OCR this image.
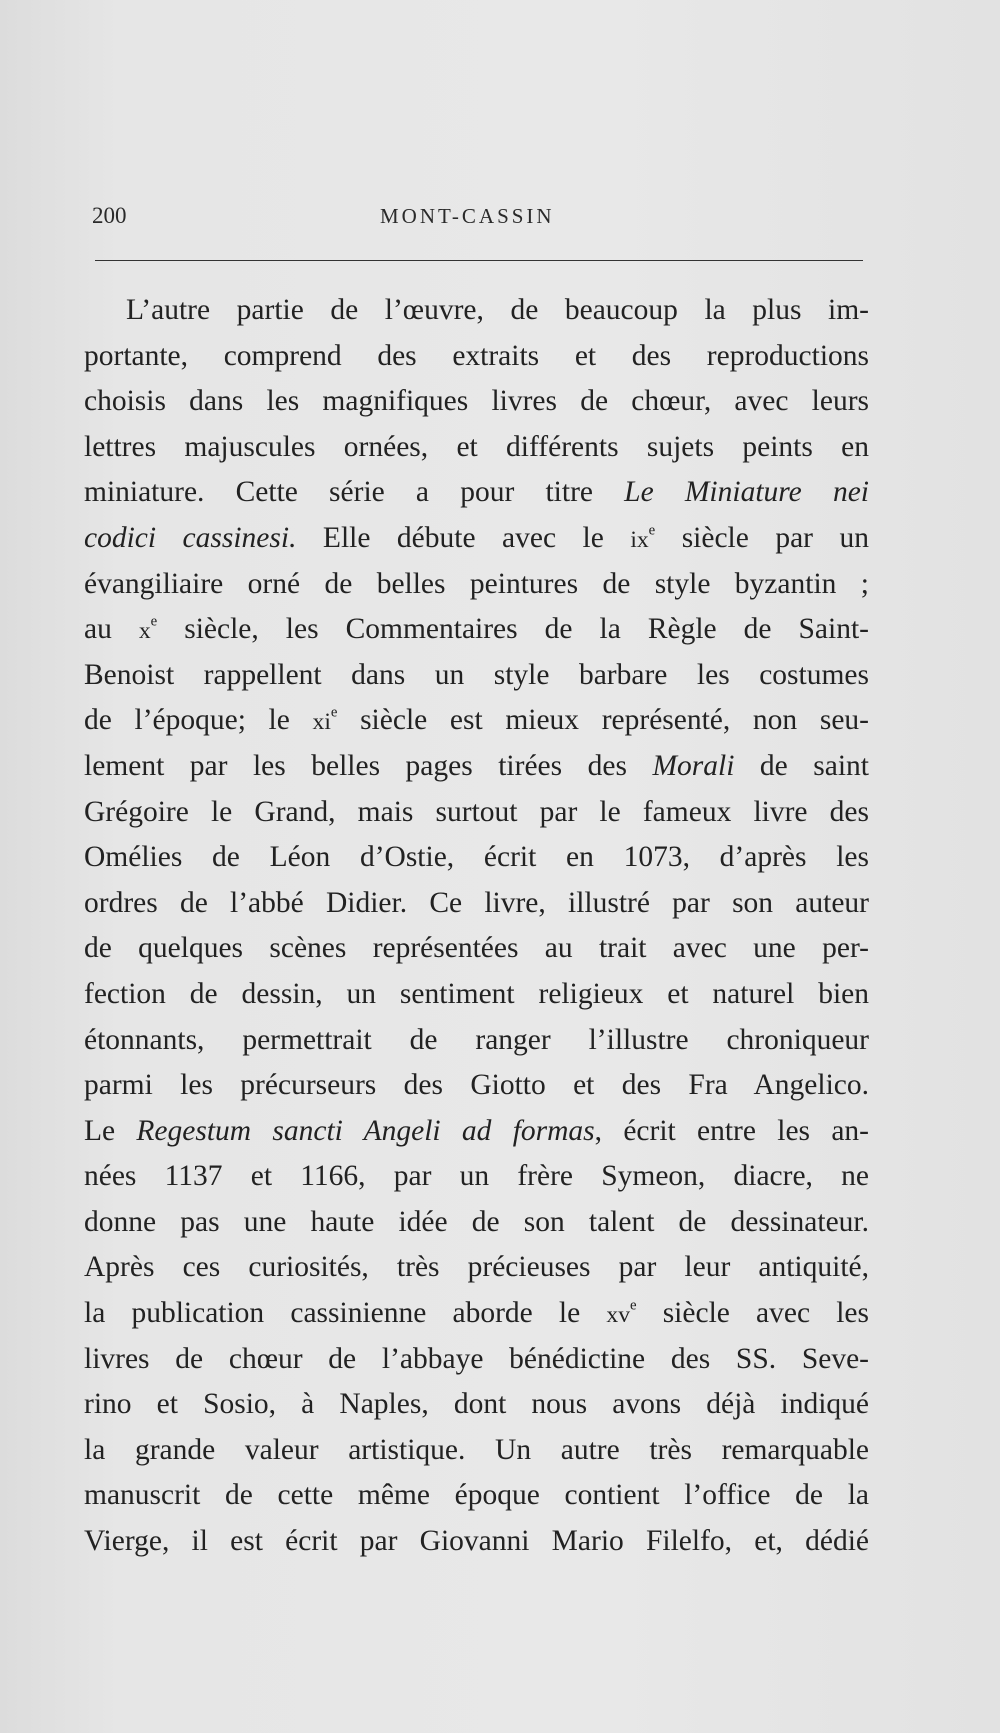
200	MONT-CASSIN
L’autre partie de l’œuvre, de beaucoup la plus im-
portante, comprend des extraits et des reproductions
choisis dans les magnifiques livres de chœur, avec leurs
lettres majuscules ornées, et différents sujets peints en
miniature. Cette série a pour titre Le Miniature nei
codici cassinesi. Elle débute avec le $ix^e$ siècle par un
évangiliaire orné de belles peintures de style byzantin ;
au $x^e$ siècle, les Commentaires de la Règle de Saint-
Benoist rappellent dans un style barbare les costumes
de l’époque; le $xi^e$ siècle est mieux représenté, non seu-
lement par les belles pages tirées des Morali de saint
Grégoire le Grand, mais surtout par le fameux livre des
Omélies de Léon d’Ostie, écrit en 1073, d’après les
ordres de l’abbé Didier. Ce livre, illustré par son auteur
de quelques scènes représentées au trait avec une per-
fection de dessin, un sentiment religieux et naturel bien
étonnants, permettrait de ranger l’illustre chroniqueur
parmi les précurseurs des Giotto et des Fra Angelico.
Le Regestum sancti Angeli ad formas, écrit entre les an-
nées 1137 et 1166, par un frère Symeon, diacre, ne
donne pas une haute idée de son talent de dessinateur.
Après ces curiosités, très précieuses par leur antiquité,
la publication cassinienne aborde le $xv^e$ siècle avec les
livres de chœur de l’abbaye bénédictine des SS. Seve-
rino et Sosio, à Naples, dont nous avons déjà indiqué
la grande valeur artistique. Un autre très remarquable
manuscrit de cette même époque contient l’office de la
Vierge, il est écrit par Giovanni Mario Filelfo, et, dédié
